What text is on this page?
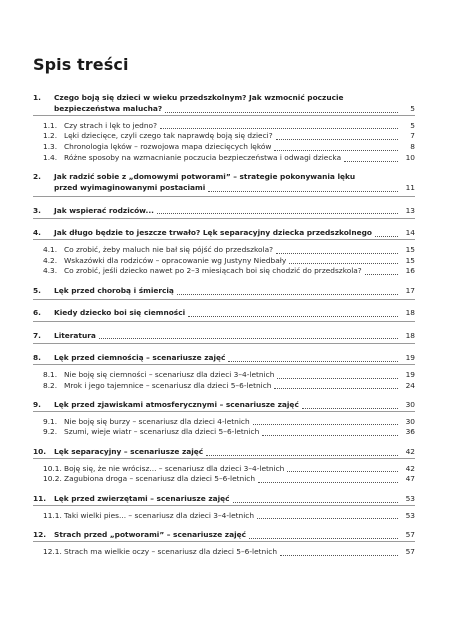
Spis treści
1.	Czego boją się dzieci w wieku przedszkolnym? Jak wzmocnić poczucie
bezpieczeństwa malucha?	5
1.1. Czy strach i lęk to jedno?	5
1.2. Lęki dziecięce, czyli czego tak naprawdę boją się dzieci?	7
1.3. Chronologia lęków – rozwojowa mapa dziecięcych lęków	8
1.4. Różne sposoby na wzmacnianie poczucia bezpieczeństwa i odwagi dziecka	10
2.	Jak radzić sobie z „domowymi potworami” – strategie pokonywania lęku
przed wyimaginowanymi postaciami	11
3.	Jak wspierać rodziców...	13
4.	Jak długo będzie to jeszcze trwało? Lęk separacyjny dziecka przedszkolnego	14
4.1. Co zrobić, żeby maluch nie bał się pójść do przedszkola?	15
4.2. Wskazówki dla rodziców – opracowanie wg Justyny Niedbały	15
4.3. Co zrobić, jeśli dziecko nawet po 2–3 miesiącach boi się chodzić do przedszkola?	16
5.	Lęk przed chorobą i śmiercią	17
6.	Kiedy dziecko boi się ciemności	18
7.	Literatura	18
8.	Lęk przed ciemnością – scenariusze zajęć	19
8.1. Nie boję się ciemności – scenariusz dla dzieci 3–4-letnich	19
8.2. Mrok i jego tajemnice – scenariusz dla dzieci 5–6-letnich	24
9.	Lęk przed zjawiskami atmosferycznymi – scenariusze zajęć	30
9.1. Nie boję się burzy – scenariusz dla dzieci 4-letnich	30
9.2. Szumi, wieje wiatr – scenariusz dla dzieci 5–6-letnich	36
10.	Lęk separacyjny – scenariusze zajęć	42
10.1. Boję się, że nie wrócisz... – scenariusz dla dzieci 3–4-letnich	42
10.2. Zagubiona droga – scenariusz dla dzieci 5–6-letnich	47
11.	Lęk przed zwierzętami – scenariusze zajęć	53
11.1. Taki wielki pies... – scenariusz dla dzieci 3–4-letnich	53
12.	Strach przed „potworami” – scenariusze zajęć	57
12.1. Strach ma wielkie oczy – scenariusz dla dzieci 5–6-letnich	57
